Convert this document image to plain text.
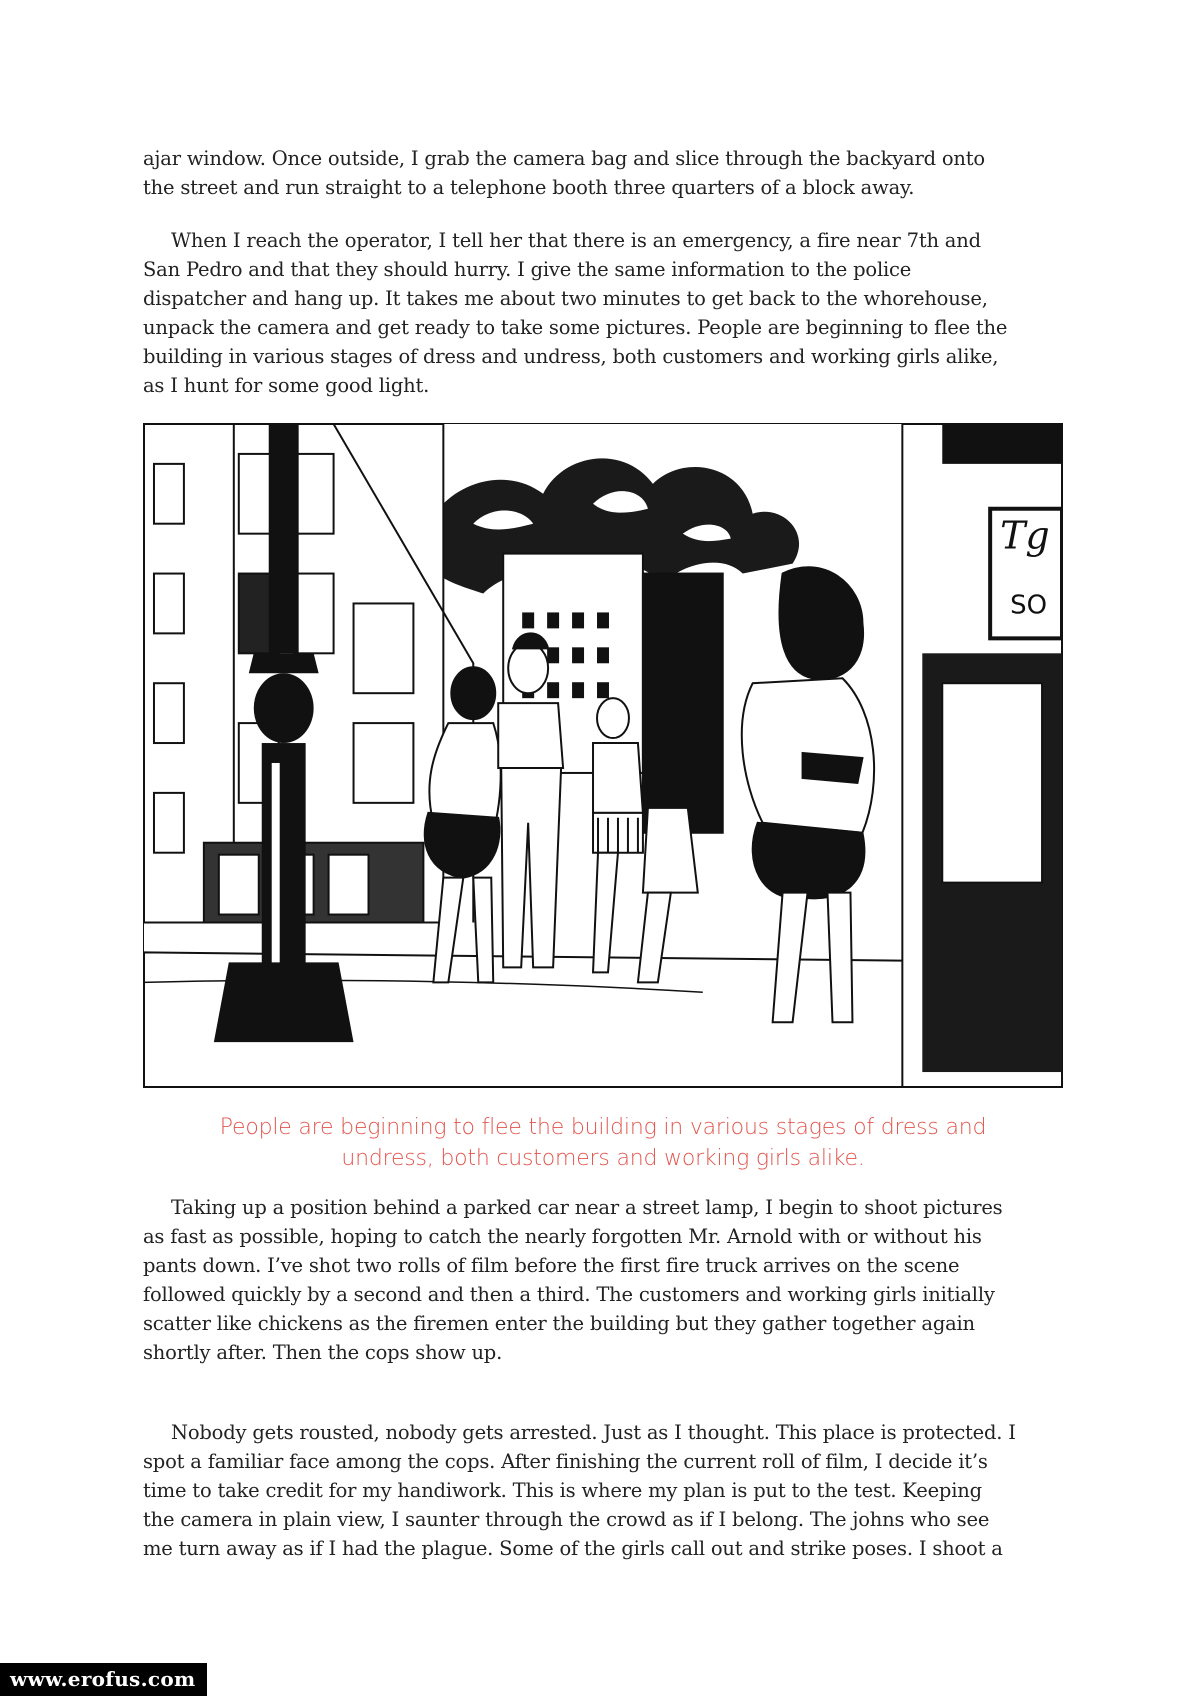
ajar window. Once outside, I grab the camera bag and slice through the backyard onto
the street and run straight to a telephone booth three quarters of a block away.
When I reach the operator, I tell her that there is an emergency, a fire near 7th and
San Pedro and that they should hurry. I give the same information to the police
dispatcher and hang up. It takes me about two minutes to get back to the whorehouse,
unpack the camera and get ready to take some pictures. People are beginning to flee the
building in various stages of dress and undress, both customers and working girls alike,
as I hunt for some good light.
Tg
SO
People are beginning to flee the building in various stages of dress and
undress, both customers and working girls alike.
Taking up a position behind a parked car near a street lamp, I begin to shoot pictures
as fast as possible, hoping to catch the nearly forgotten Mr. Arnold with or without his
pants down. I’ve shot two rolls of film before the first fire truck arrives on the scene
followed quickly by a second and then a third. The customers and working girls initially
scatter like chickens as the firemen enter the building but they gather together again
shortly after. Then the cops show up.
Nobody gets rousted, nobody gets arrested. Just as I thought. This place is protected. I
spot a familiar face among the cops. After finishing the current roll of film, I decide it’s
time to take credit for my handiwork. This is where my plan is put to the test. Keeping
the camera in plain view, I saunter through the crowd as if I belong. The johns who see
me turn away as if I had the plague. Some of the girls call out and strike poses. I shoot a
www.erofus.com
